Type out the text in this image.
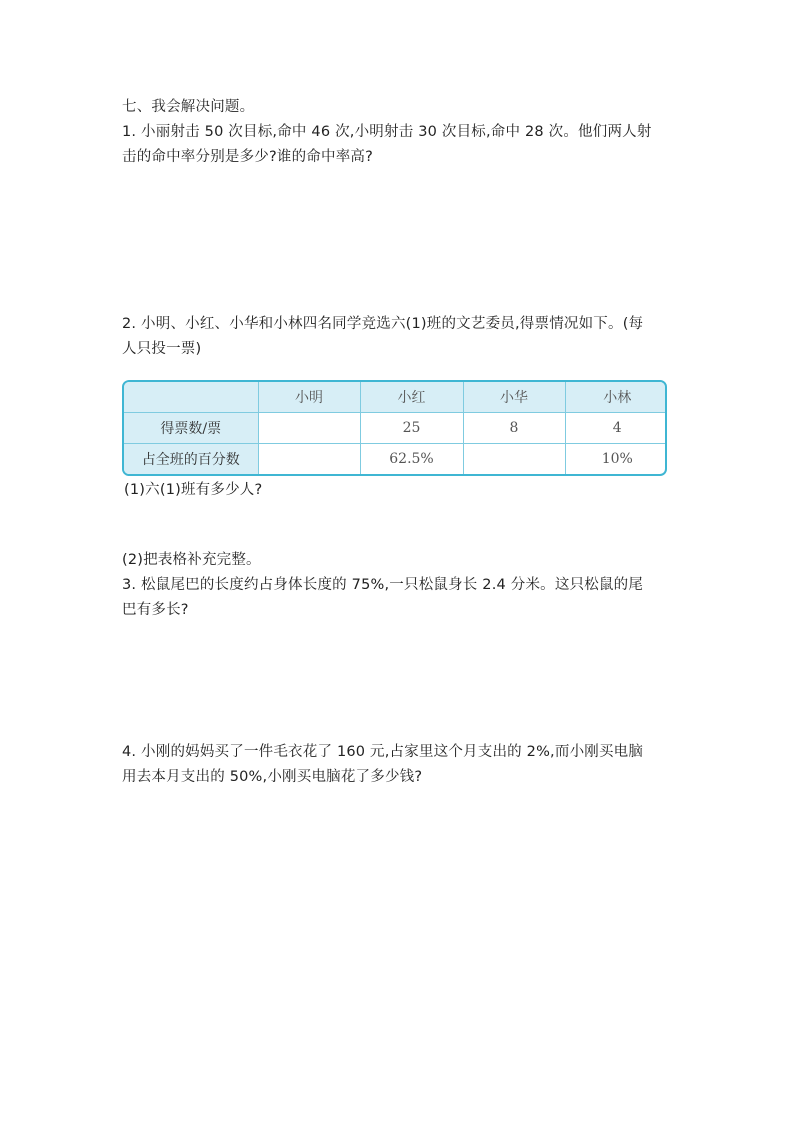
七、我会解决问题。
1. 小丽射击 50 次目标,命中 46 次,小明射击 30 次目标,命中 28 次。他们两人射
击的命中率分别是多少?谁的命中率高?
2. 小明、小红、小华和小林四名同学竞选六(1)班的文艺委员,得票情况如下。(每
人只投一票)
	小明	小红	小华	小林
得票数/票		25	8	4
占全班的百分数		62.5%		10%
(1)六(1)班有多少人?
(2)把表格补充完整。
3. 松鼠尾巴的长度约占身体长度的 75%,一只松鼠身长 2.4 分米。这只松鼠的尾
巴有多长?
4. 小刚的妈妈买了一件毛衣花了 160 元,占家里这个月支出的 2%,而小刚买电脑
用去本月支出的 50%,小刚买电脑花了多少钱?
